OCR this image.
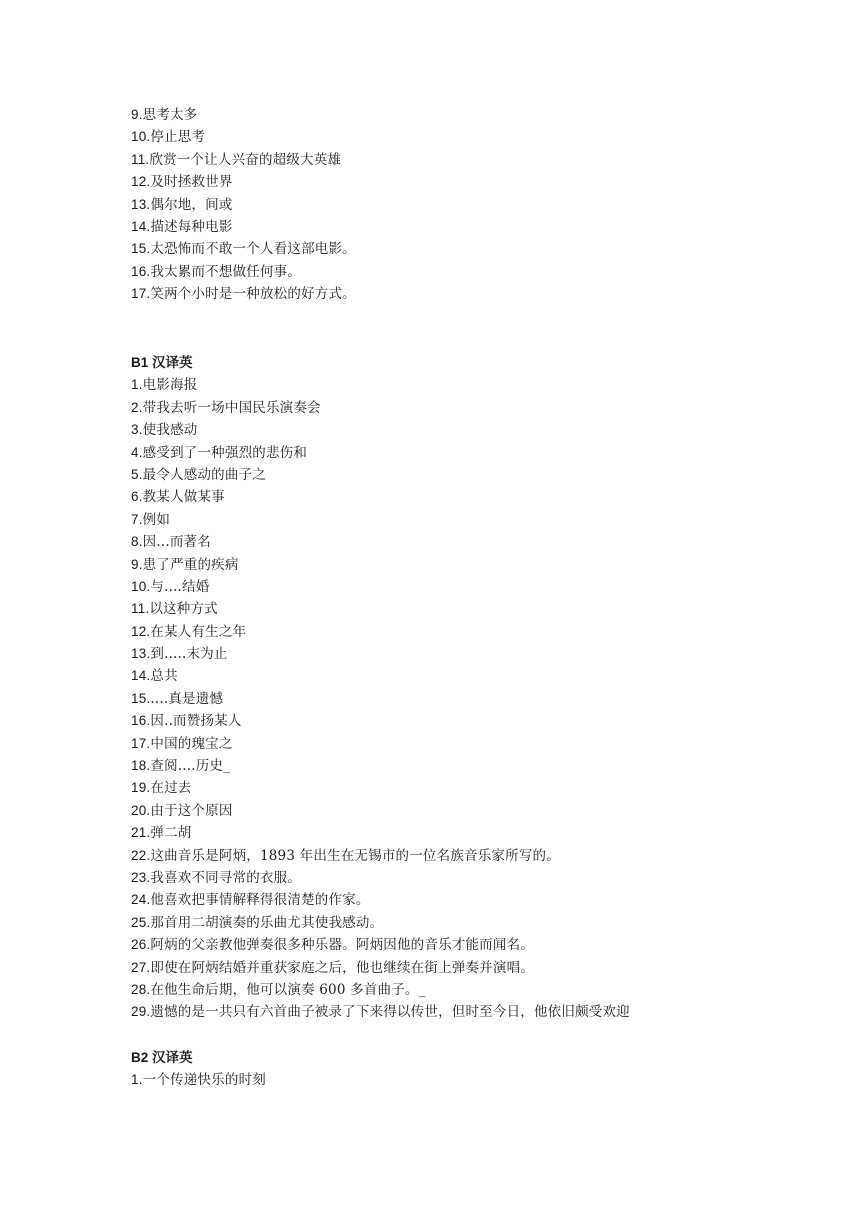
9.思考太多
10.停止思考
11.欣赏一个让人兴奋的超级大英雄
12.及时拯救世界
13.偶尔地，间或
14.描述每种电影
15.太恐怖而不敢一个人看这部电影。
16.我太累而不想做任何事。
17.笑两个小时是一种放松的好方式。
B1 汉译英
1.电影海报
2.带我去听一场中国民乐演奏会
3.使我感动
4.感受到了一种强烈的悲伤和
5.最令人感动的曲子之
6.教某人做某事
7.例如
8.因...而著名
9.患了严重的疾病
10.与....结婚
11.以这种方式
12.在某人有生之年
13.到.....末为止
14.总共
15.....真是遗憾
16.因..而赞扬某人
17.中国的瑰宝之
18.查阅....历史_
19.在过去
20.由于这个原因
21.弹二胡
22.这曲音乐是阿炳，1893 年出生在无锡市的一位名族音乐家所写的。
23.我喜欢不同寻常的衣服。
24.他喜欢把事情解释得很清楚的作家。
25.那首用二胡演奏的乐曲尤其使我感动。
26.阿炳的父亲教他弹奏很多种乐器。阿炳因他的音乐才能而闻名。
27.即使在阿炳结婚并重获家庭之后，他也继续在街上弹奏并演唱。
28.在他生命后期，他可以演奏 600 多首曲子。_
29.遗憾的是一共只有六首曲子被录了下来得以传世，但时至今日，他依旧颇受欢迎
B2 汉译英
1.一个传递快乐的时刻
